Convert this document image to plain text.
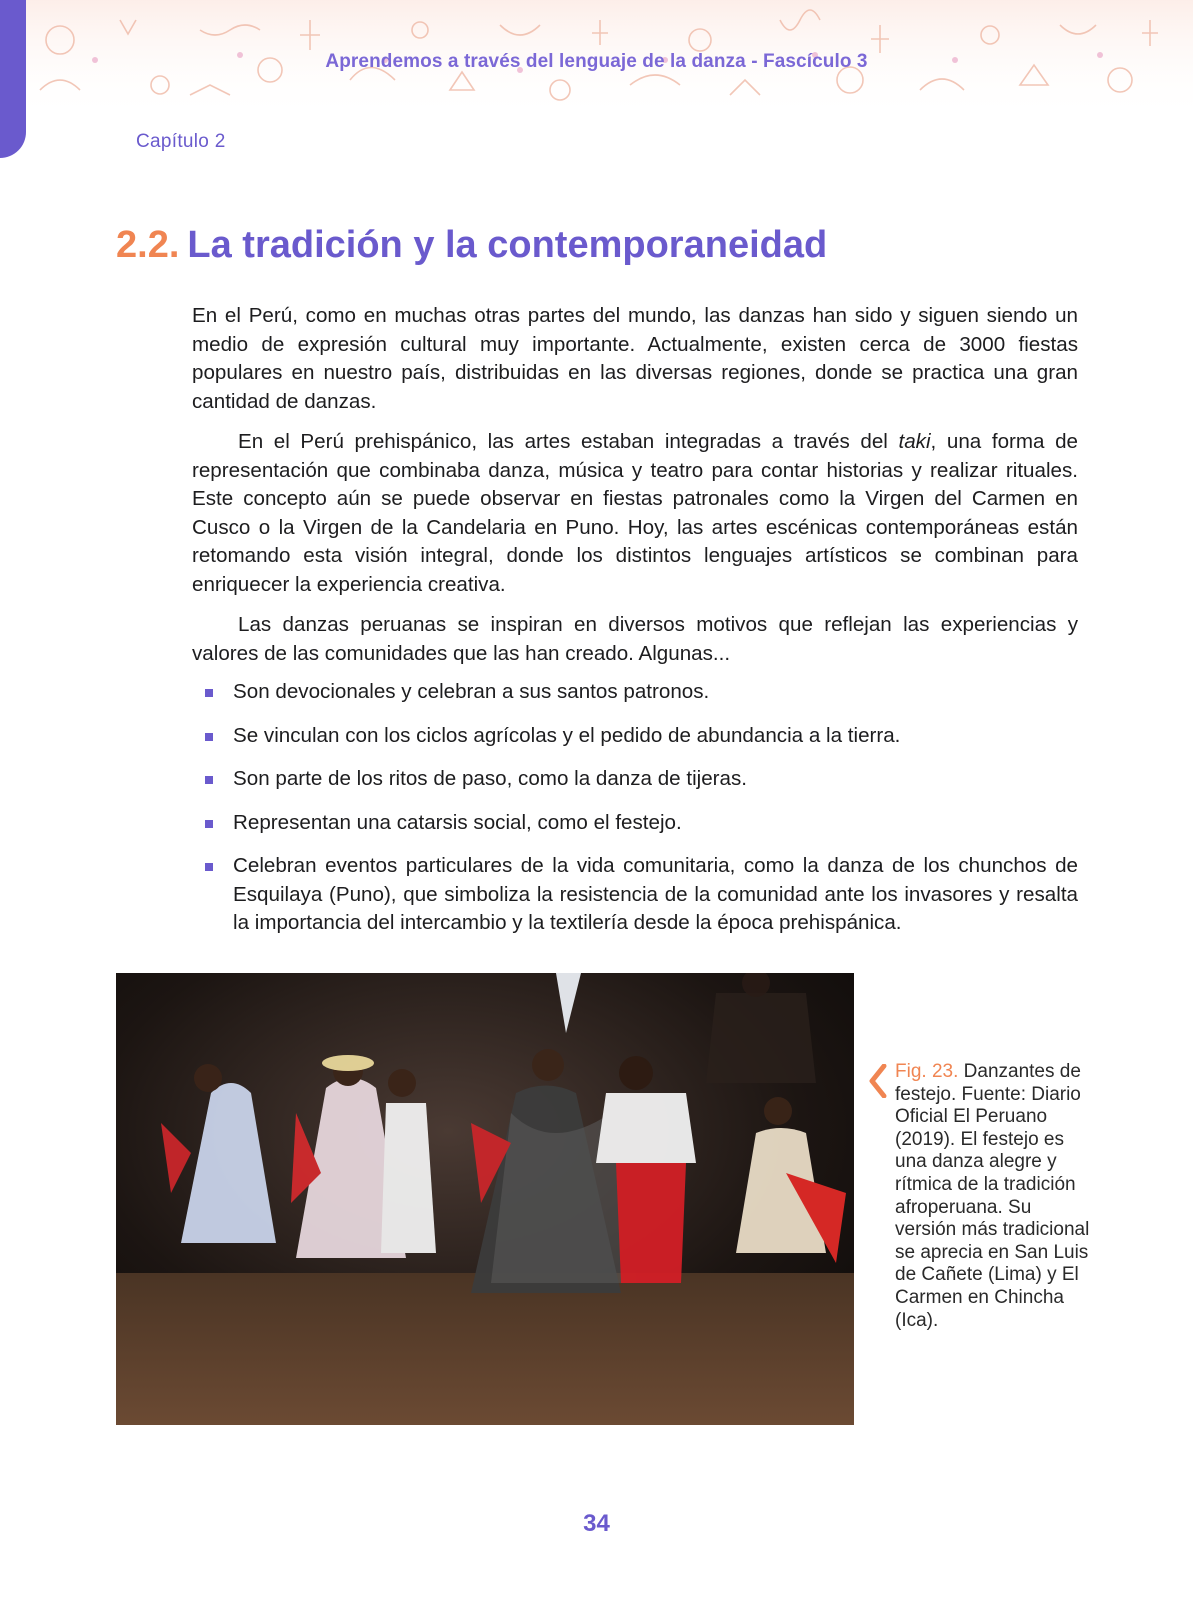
Aprendemos a través del lenguaje de la danza - Fascículo 3
Capítulo 2
2.2. La tradición y la contemporaneidad

En el Perú, como en muchas otras partes del mundo, las danzas han sido y siguen siendo un medio de expresión cultural muy importante. Actualmente, existen cerca de 3000 fiestas populares en nuestro país, distribuidas en las diversas regiones, donde se practica una gran cantidad de danzas.

En el Perú prehispánico, las artes estaban integradas a través del taki, una forma de representación que combinaba danza, música y teatro para contar historias y realizar rituales. Este concepto aún se puede observar en fiestas patronales como la Virgen del Carmen en Cusco o la Virgen de la Candelaria en Puno. Hoy, las artes escénicas contemporáneas están retomando esta visión integral, donde los distintos lenguajes artísticos se combinan para enriquecer la experiencia creativa.

Las danzas peruanas se inspiran en diversos motivos que reflejan las experiencias y valores de las comunidades que las han creado. Algunas...

Son devocionales y celebran a sus santos patronos.
Se vinculan con los ciclos agrícolas y el pedido de abundancia a la tierra.
Son parte de los ritos de paso, como la danza de tijeras.
Representan una catarsis social, como el festejo.
Celebran eventos particulares de la vida comunitaria, como la danza de los chunchos de Esquilaya (Puno), que simboliza la resistencia de la comunidad ante los invasores y resalta la importancia del intercambio y la textilería desde la época prehispánica.
Fig. 23. Danzantes de festejo. Fuente: Diario Oficial El Peruano (2019). El festejo es una danza alegre y rítmica de la tradición afroperuana. Su versión más tradicional se aprecia en San Luis de Cañete (Lima) y El Carmen en Chincha (Ica).
34
